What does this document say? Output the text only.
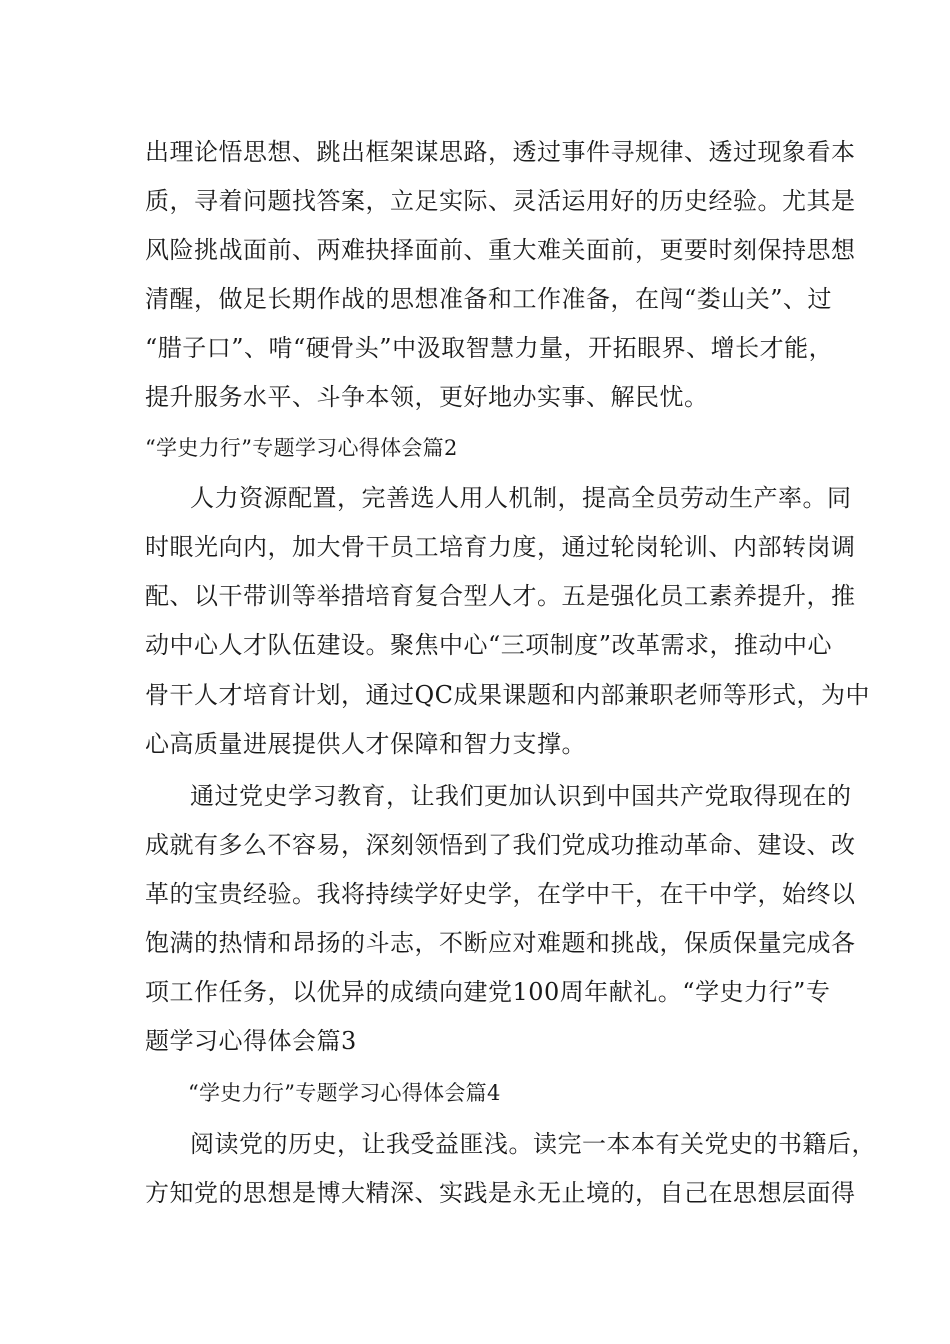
出理论悟思想、跳出框架谋思路，透过事件寻规律、透过现象看本
质，寻着问题找答案，立足实际、灵活运用好的历史经验。尤其是
风险挑战面前、两难抉择面前、重大难关面前，更要时刻保持思想
清醒，做足长期作战的思想准备和工作准备，在闯“娄山关”、过
“腊子口”、啃“硬骨头”中汲取智慧力量，开拓眼界、增长才能，
提升服务水平、斗争本领，更好地办实事、解民忧。
“学史力行”专题学习心得体会篇2
人力资源配置，完善选人用人机制，提高全员劳动生产率。同
时眼光向内，加大骨干员工培育力度，通过轮岗轮训、内部转岗调
配、以干带训等举措培育复合型人才。五是强化员工素养提升，推
动中心人才队伍建设。聚焦中心“三项制度”改革需求，推动中心
骨干人才培育计划，通过QC成果课题和内部兼职老师等形式，为中
心高质量进展提供人才保障和智力支撑。
通过党史学习教育，让我们更加认识到中国共产党取得现在的
成就有多么不容易，深刻领悟到了我们党成功推动革命、建设、改
革的宝贵经验。我将持续学好史学，在学中干，在干中学，始终以
饱满的热情和昂扬的斗志，不断应对难题和挑战，保质保量完成各
项工作任务，以优异的成绩向建党100周年献礼。“学史力行”专
题学习心得体会篇3
“学史力行”专题学习心得体会篇4
阅读党的历史，让我受益匪浅。读完一本本有关党史的书籍后，
方知党的思想是博大精深、实践是永无止境的，自己在思想层面得
